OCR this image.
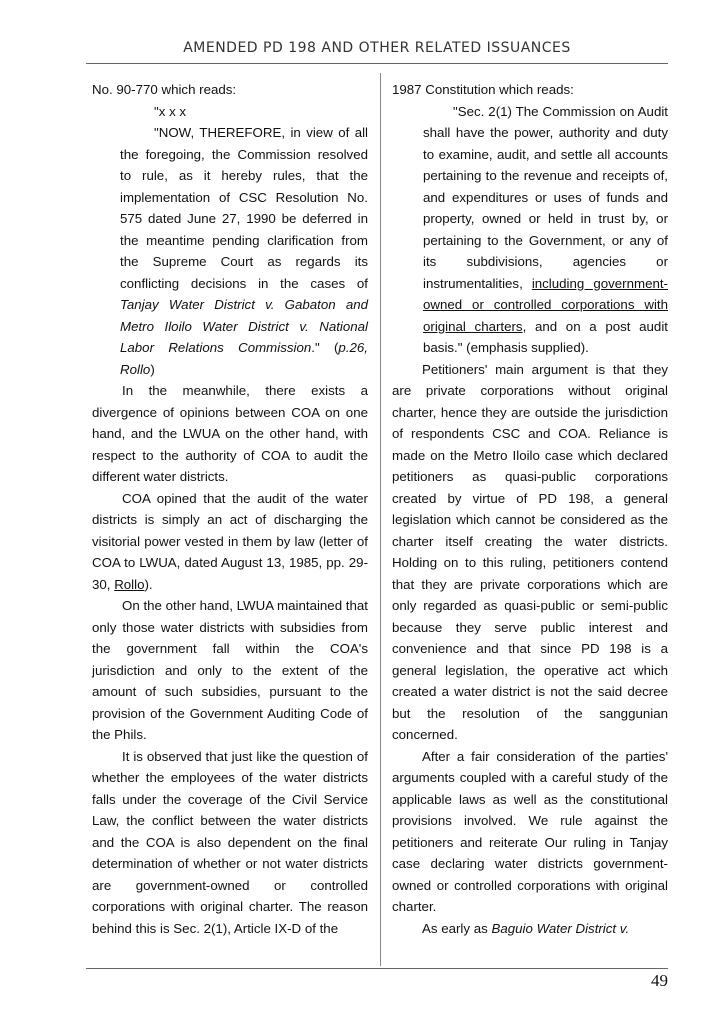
AMENDED PD 198 AND OTHER RELATED ISSUANCES

No. 90-770 which reads:

"x x x

"NOW, THEREFORE, in view of all the foregoing, the Commission resolved to rule, as it hereby rules, that the implementation of CSC Resolution No. 575 dated June 27, 1990 be deferred in the meantime pending clarification from the Supreme Court as regards its conflicting decisions in the cases of Tanjay Water District v. Gabaton and Metro Iloilo Water District v. National Labor Relations Commission." (p.26, Rollo)

In the meanwhile, there exists a divergence of opinions between COA on one hand, and the LWUA on the other hand, with respect to the authority of COA to audit the different water districts.

COA opined that the audit of the water districts is simply an act of discharging the visitorial power vested in them by law (letter of COA to LWUA, dated August 13, 1985, pp. 29-30, Rollo).

On the other hand, LWUA maintained that only those water districts with subsidies from the government fall within the COA's jurisdiction and only to the extent of the amount of such subsidies, pursuant to the provision of the Government Auditing Code of the Phils.

It is observed that just like the question of whether the employees of the water districts falls under the coverage of the Civil Service Law, the conflict between the water districts and the COA is also dependent on the final determination of whether or not water districts are government-owned or controlled corporations with original charter. The reason behind this is Sec. 2(1), Article IX-D of the

1987 Constitution which reads:

"Sec. 2(1) The Commission on Audit shall have the power, authority and duty to examine, audit, and settle all accounts pertaining to the revenue and receipts of, and expenditures or uses of funds and property, owned or held in trust by, or pertaining to the Government, or any of its subdivisions, agencies or instrumentalities, including government-owned or controlled corporations with original charters, and on a post audit basis." (emphasis supplied).

Petitioners' main argument is that they are private corporations without original charter, hence they are outside the jurisdiction of respondents CSC and COA. Reliance is made on the Metro Iloilo case which declared petitioners as quasi-public corporations created by virtue of PD 198, a general legislation which cannot be considered as the charter itself creating the water districts. Holding on to this ruling, petitioners contend that they are private corporations which are only regarded as quasi-public or semi-public because they serve public interest and convenience and that since PD 198 is a general legislation, the operative act which created a water district is not the said decree but the resolution of the sanggunian concerned.

After a fair consideration of the parties' arguments coupled with a careful study of the applicable laws as well as the constitutional provisions involved. We rule against the petitioners and reiterate Our ruling in Tanjay case declaring water districts government-owned or controlled corporations with original charter.

As early as Baguio Water District v.

49
